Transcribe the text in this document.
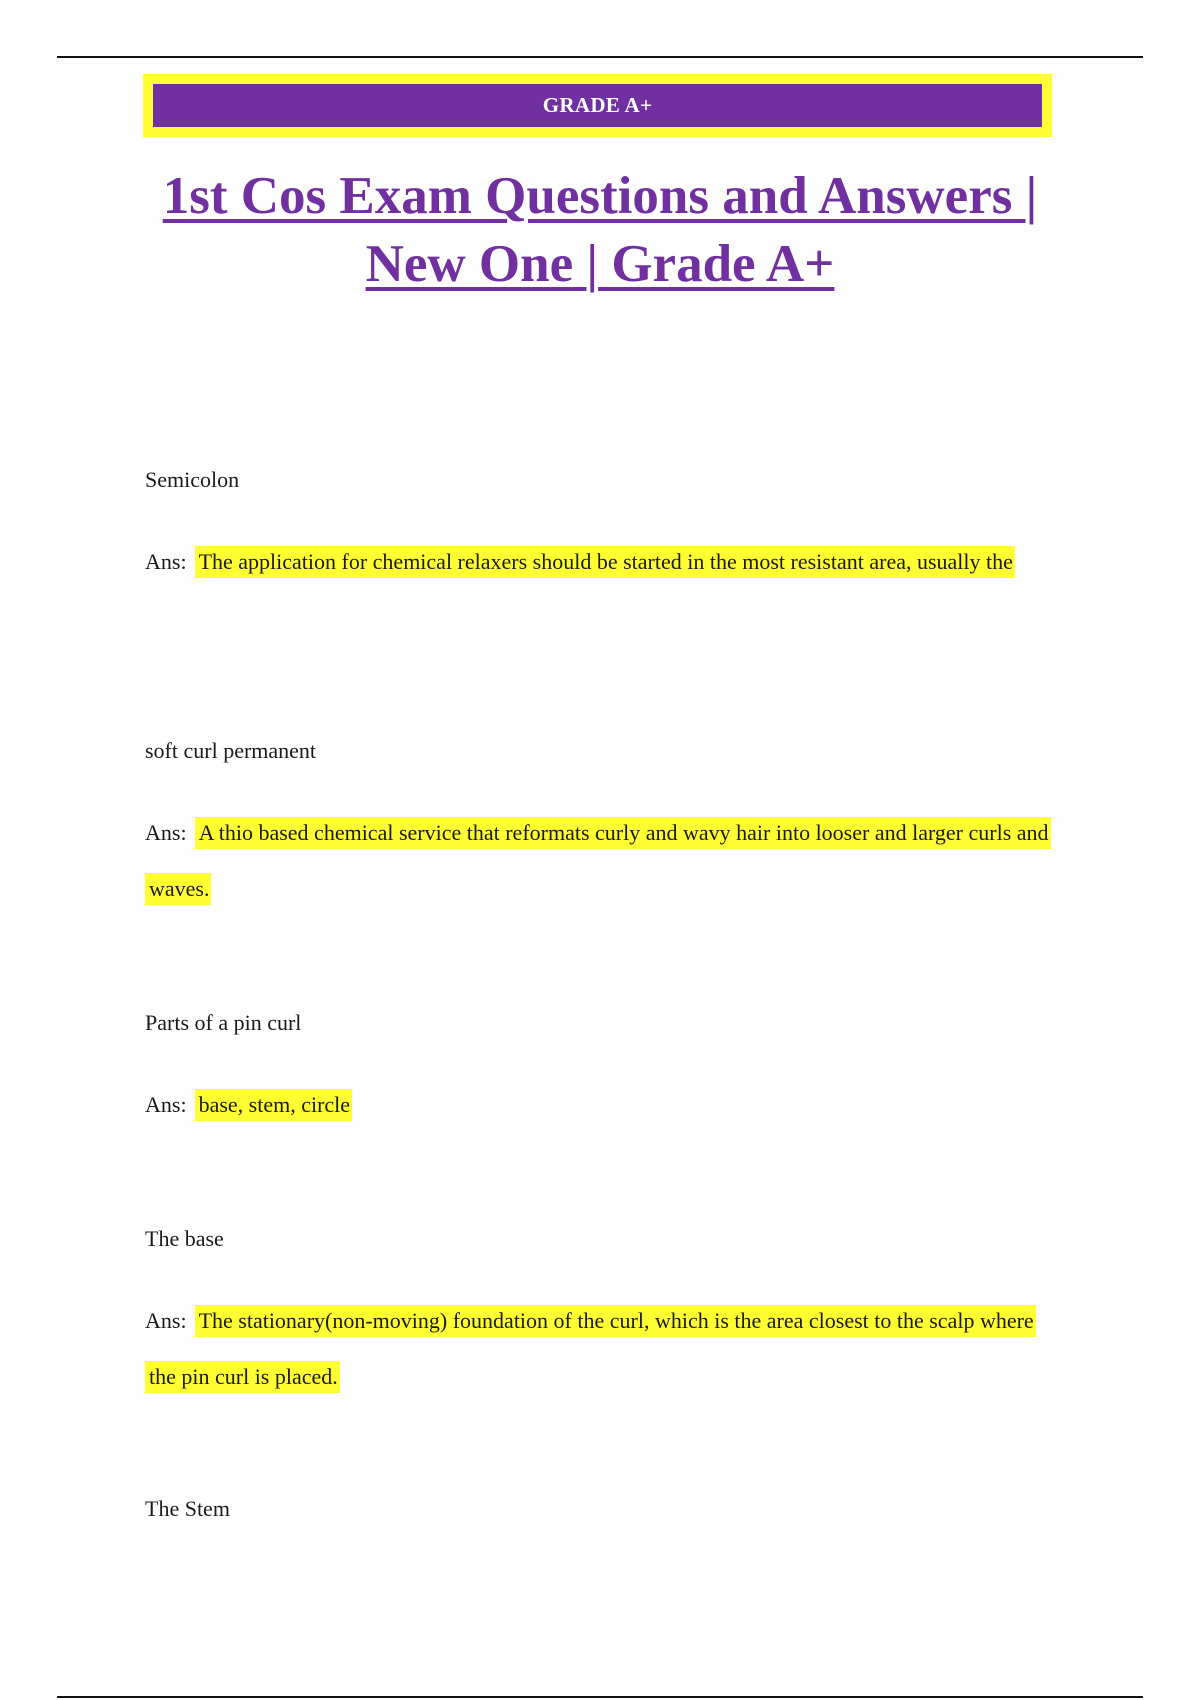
GRADE A+
1st Cos Exam Questions and Answers | New One | Grade A+

Semicolon

Ans: The application for chemical relaxers should be started in the most resistant area, usually the

soft curl permanent

Ans: A thio based chemical service that reformats curly and wavy hair into looser and larger curls and waves.

Parts of a pin curl

Ans: base, stem, circle

The base

Ans: The stationary(non-moving) foundation of the curl, which is the area closest to the scalp where the pin curl is placed.

The Stem
